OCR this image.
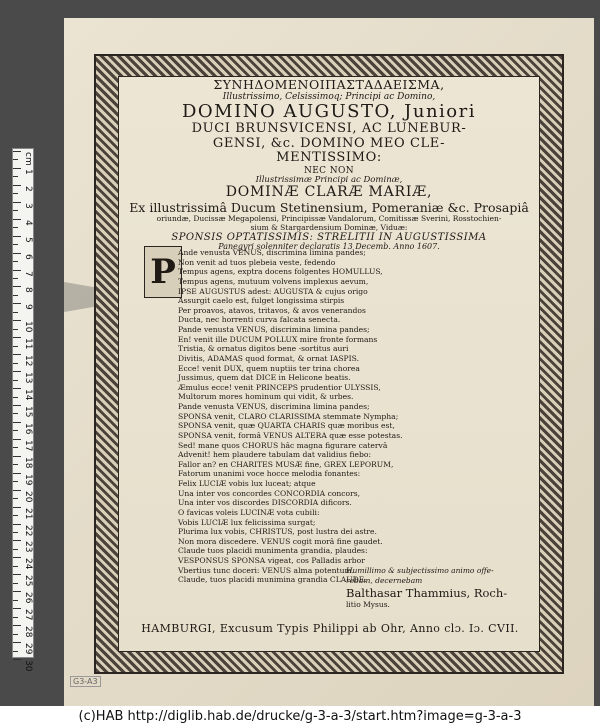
cm
1
2
3
4
5
6
7
8
9
10
11
12
13
14
15
16
17
18
19
20
21
22
23
24
25
26
27
28
29
30

ΣΥΝΗΔΟΜΕΝΟΙΠΑΣΤΑΔΑΕΙΣΜΑ,

Illustrissimo, Celsissimoq; Principi ac Domino,

DOMINO AUGUSTO, Juniori

DUCI BRUNSVICENSI, AC LUNEBUR-

GENSI, &c. DOMINO MEO CLE-

MENTISSIMO:

NEC NON

Illustrissimæ Principi ac Dominæ,

DOMINÆ CLARÆ MARIÆ,

Ex illustrissimâ Ducum Stetinensium, Pomeraniæ &c. Prosapiâ

oriundæ, Ducissæ Megapolensi, Principissæ Vandalorum, Comitissæ Sverini, Rosstochien-

sium & Stargardensium Dominæ, Viduæ:

SPONSIS OPTATISSIMIS: STRELITII IN AUGUSTISSIMA

Panegyri solenniter declaratis 13 Decemb. Anno 1607.

P Ande venusta VENUS, discrimina limina pandes;

Non venit ad tuos plebeia veste, fedendo

Tempus agens, exptra docens folgentes HOMULLUS,

Tempus agens, mutuum volvens implexus aevum,

IPSE AUGUSTUS adest: AUGUSTA & cujus origo

Assurgit caelo est, fulget longissima stirpis

Per proavos, atavos, tritavos, & avos venerandos

Ducta, nec horrenti curva falcata senecta.

Pande venusta VENUS, discrimina limina pandes;

En! venit ille DUCUM POLLUX mire fronte formans

Tristia, & ornatus digitos bene -sortitus auri

Divitis, ADAMAS quod format, & ornat IASPIS.

Ecce! venit DUX, quem nuptiis ter trina chorea

Jussimus, quem dat DICE in Helicone beatis.

Æmulus ecce! venit PRINCEPS prudentior ULYSSIS,

Multorum mores hominum qui vidit, & urbes.

Pande venusta VENUS, discrimina limina pandes;

SPONSA venit, CLARO CLARISSIMA stemmate Nympha;

SPONSA venit, quæ QUARTA CHARIS quæ moribus est,

SPONSA venit, formâ VENUS ALTERA quæ esse potestas.

Sed! mane quos CHORUS hâc magna figurare catervâ

Advenit! hem plaudere tabulam dat validius fiebo:

Fallor an? en CHARITES MUSÆ fine, GREX LEPORUM,

Fatorum unanimi voce hocce melodia fonantes:

Felix LUCIÆ vobis lux luceat; atque

Una inter vos concordes CONCORDIA concors,

Una inter vos discordes DISCORDIA dificors.

O favicas voleis LUCINÆ vota cubili:

Vobis LUCIÆ lux felicissima surgat;

Plurima lux vobis, CHRISTUS, post lustra dei astre.

Non mora discedere. VENUS cogit morâ fine gaudet.

Claude tuos placidi munimenta grandia, plaudes:

VESPONSUS SPONSA vigeat, cos Palladis arbor

Vbertius tunc doceri: VENUS alma potentum.

Claude, tuos placidi munimina grandia CLAUDE.

Humillimo & subjectissimo animo offe-

rebam, decernebam

Balthasar Thammius, Roch-

litio Mysus.

HAMBURGI, Excusum Typis Philippi ab Ohr, Anno clɔ. Iɔ. CVII.
G3-A3
(c)HAB http://diglib.hab.de/drucke/g-3-a-3/start.htm?image=g-3-a-3
